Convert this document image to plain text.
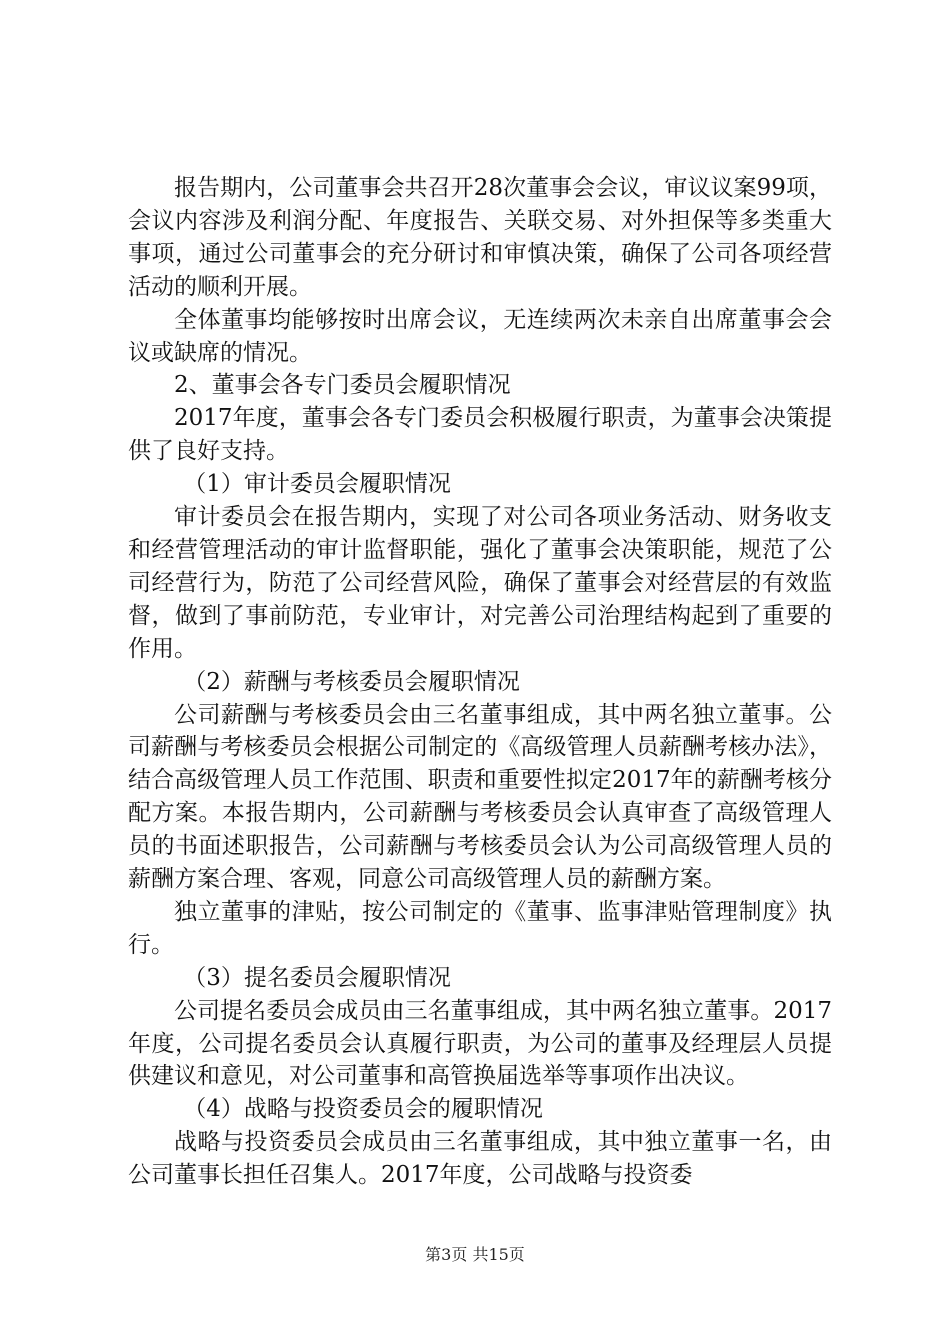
报告期内，公司董事会共召开28次董事会会议，审议议案99项，会议内容涉及利润分配、年度报告、关联交易、对外担保等多类重大事项，通过公司董事会的充分研讨和审慎决策，确保了公司各项经营活动的顺利开展。

全体董事均能够按时出席会议，无连续两次未亲自出席董事会会议或缺席的情况。

2、董事会各专门委员会履职情况

2017年度，董事会各专门委员会积极履行职责，为董事会决策提供了良好支持。

（1）审计委员会履职情况

审计委员会在报告期内，实现了对公司各项业务活动、财务收支和经营管理活动的审计监督职能，强化了董事会决策职能，规范了公司经营行为，防范了公司经营风险，确保了董事会对经营层的有效监督，做到了事前防范，专业审计，对完善公司治理结构起到了重要的作用。

（2）薪酬与考核委员会履职情况

公司薪酬与考核委员会由三名董事组成，其中两名独立董事。公司薪酬与考核委员会根据公司制定的《高级管理人员薪酬考核办法》，结合高级管理人员工作范围、职责和重要性拟定2017年的薪酬考核分配方案。本报告期内，公司薪酬与考核委员会认真审查了高级管理人员的书面述职报告，公司薪酬与考核委员会认为公司高级管理人员的薪酬方案合理、客观，同意公司高级管理人员的薪酬方案。

独立董事的津贴，按公司制定的《董事、监事津贴管理制度》执行。

（3）提名委员会履职情况

公司提名委员会成员由三名董事组成，其中两名独立董事。2017年度，公司提名委员会认真履行职责，为公司的董事及经理层人员提供建议和意见，对公司董事和高管换届选举等事项作出决议。

（4）战略与投资委员会的履职情况

战略与投资委员会成员由三名董事组成，其中独立董事一名，由公司董事长担任召集人。2017年度，公司战略与投资委

第3页 共15页
